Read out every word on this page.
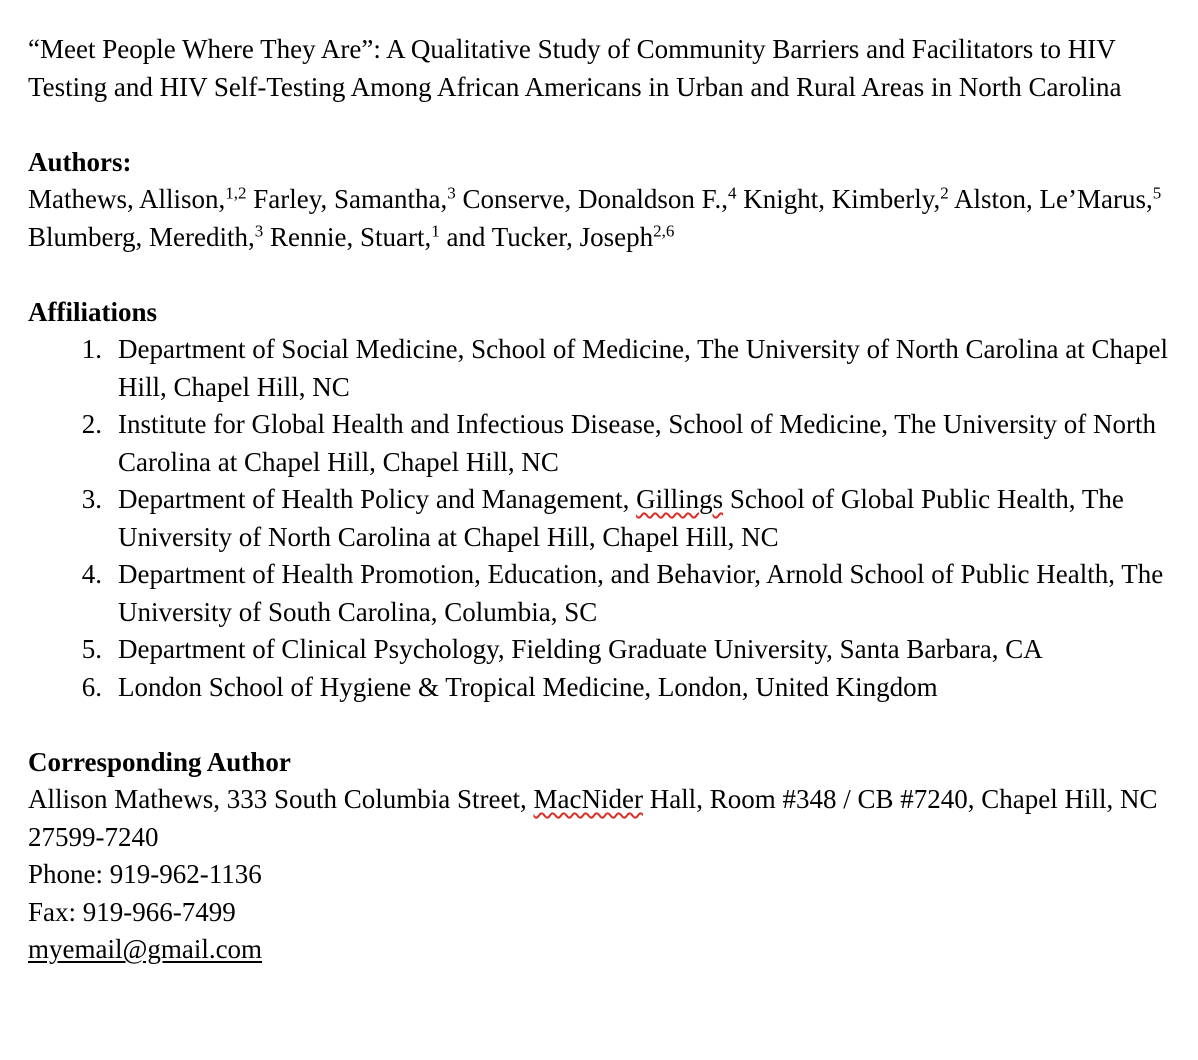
“Meet People Where They Are”: A Qualitative Study of Community Barriers and Facilitators to HIV Testing and HIV Self-Testing Among African Americans in Urban and Rural Areas in North Carolina

Authors:

Mathews, Allison,$^{1,2}$ Farley, Samantha,$^3$ Conserve, Donaldson F.,$^4$ Knight, Kimberly,$^2$ Alston, Le’Marus,$^5$ Blumberg, Meredith,$^3$ Rennie, Stuart,$^1$ and Tucker, Joseph$^{2,6}$

Affiliations

1. Department of Social Medicine, School of Medicine, The University of North Carolina at Chapel Hill, Chapel Hill, NC
2. Institute for Global Health and Infectious Disease, School of Medicine, The University of North Carolina at Chapel Hill, Chapel Hill, NC
3. Department of Health Policy and Management, Gillings School of Global Public Health, The University of North Carolina at Chapel Hill, Chapel Hill, NC
4. Department of Health Promotion, Education, and Behavior, Arnold School of Public Health, The University of South Carolina, Columbia, SC
5. Department of Clinical Psychology, Fielding Graduate University, Santa Barbara, CA
6. London School of Hygiene & Tropical Medicine, London, United Kingdom

Corresponding Author

Allison Mathews, 333 South Columbia Street, MacNider Hall, Room #348 / CB #7240, Chapel Hill, NC 27599-7240

Phone: 919-962-1136

Fax: 919-966-7499

myemail@gmail.com
